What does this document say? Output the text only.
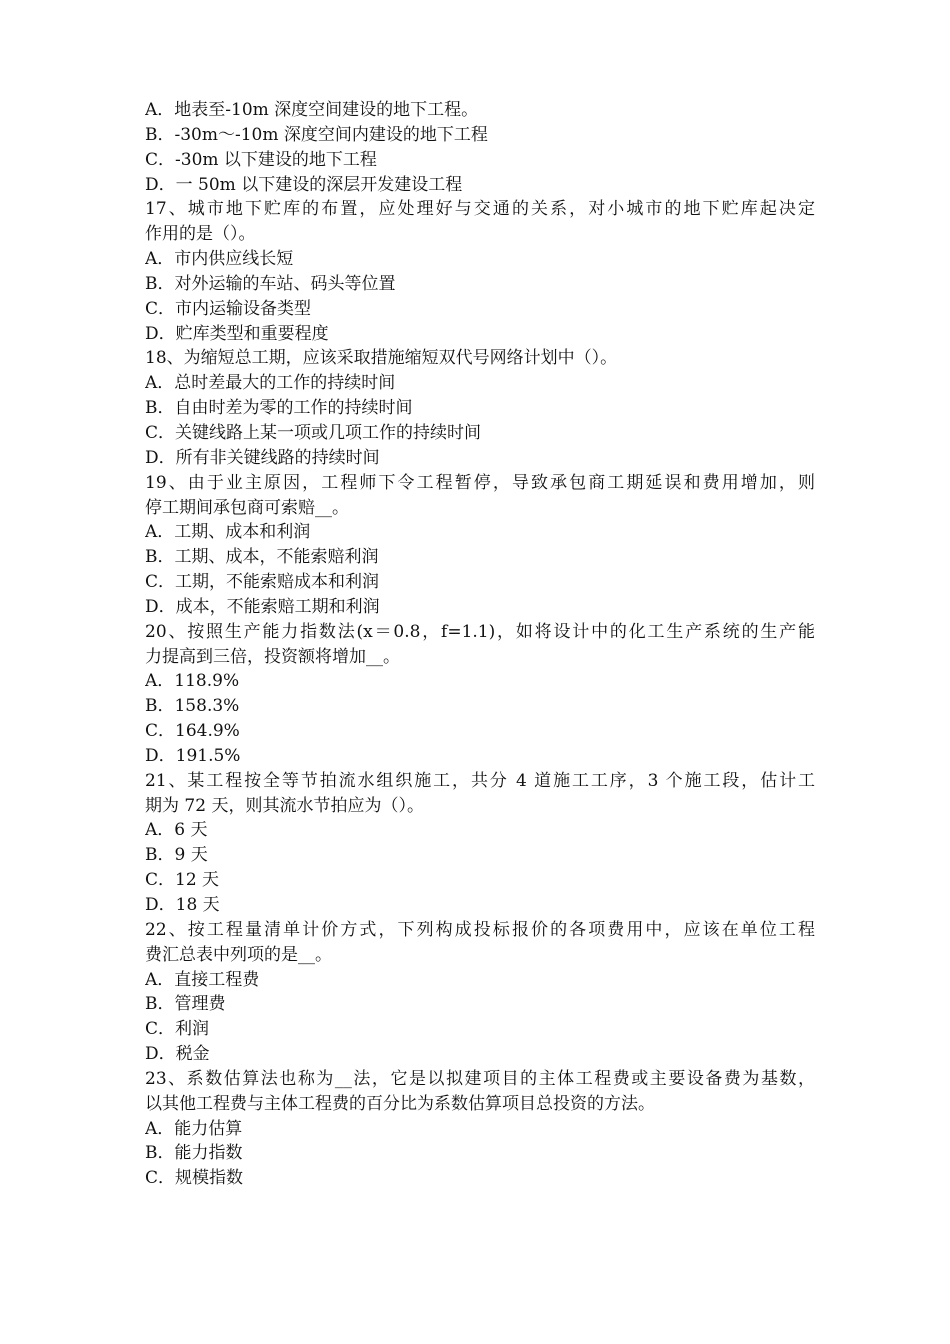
A．地表至-10m 深度空间建设的地下工程。
B．-30m～-10m 深度空间内建设的地下工程
C．-30m 以下建设的地下工程
D．一 50m 以下建设的深层开发建设工程
17、城市地下贮库的布置，应处理好与交通的关系，对小城市的地下贮库起决定
作用的是（）。
A．市内供应线长短
B．对外运输的车站、码头等位置
C．市内运输设备类型
D．贮库类型和重要程度
18、为缩短总工期，应该采取措施缩短双代号网络计划中（）。
A．总时差最大的工作的持续时间
B．自由时差为零的工作的持续时间
C．关键线路上某一项或几项工作的持续时间
D．所有非关键线路的持续时间
19、由于业主原因，工程师下令工程暂停，导致承包商工期延误和费用增加，则
停工期间承包商可索赔__。
A．工期、成本和利润
B．工期、成本，不能索赔利润
C．工期，不能索赔成本和利润
D．成本，不能索赔工期和利润
20、按照生产能力指数法(x＝0.8，f=1.1)，如将设计中的化工生产系统的生产能
力提高到三倍，投资额将增加__。
A．118.9%
B．158.3%
C．164.9%
D．191.5%
21、某工程按全等节拍流水组织施工，共分 4 道施工工序，3 个施工段，估计工
期为 72 天，则其流水节拍应为（）。
A．6 天
B．9 天
C．12 天
D．18 天
22、按工程量清单计价方式，下列构成投标报价的各项费用中，应该在单位工程
费汇总表中列项的是__。
A．直接工程费
B．管理费
C．利润
D．税金
23、系数估算法也称为__法，它是以拟建项目的主体工程费或主要设备费为基数，
以其他工程费与主体工程费的百分比为系数估算项目总投资的方法。
A．能力估算
B．能力指数
C．规模指数
